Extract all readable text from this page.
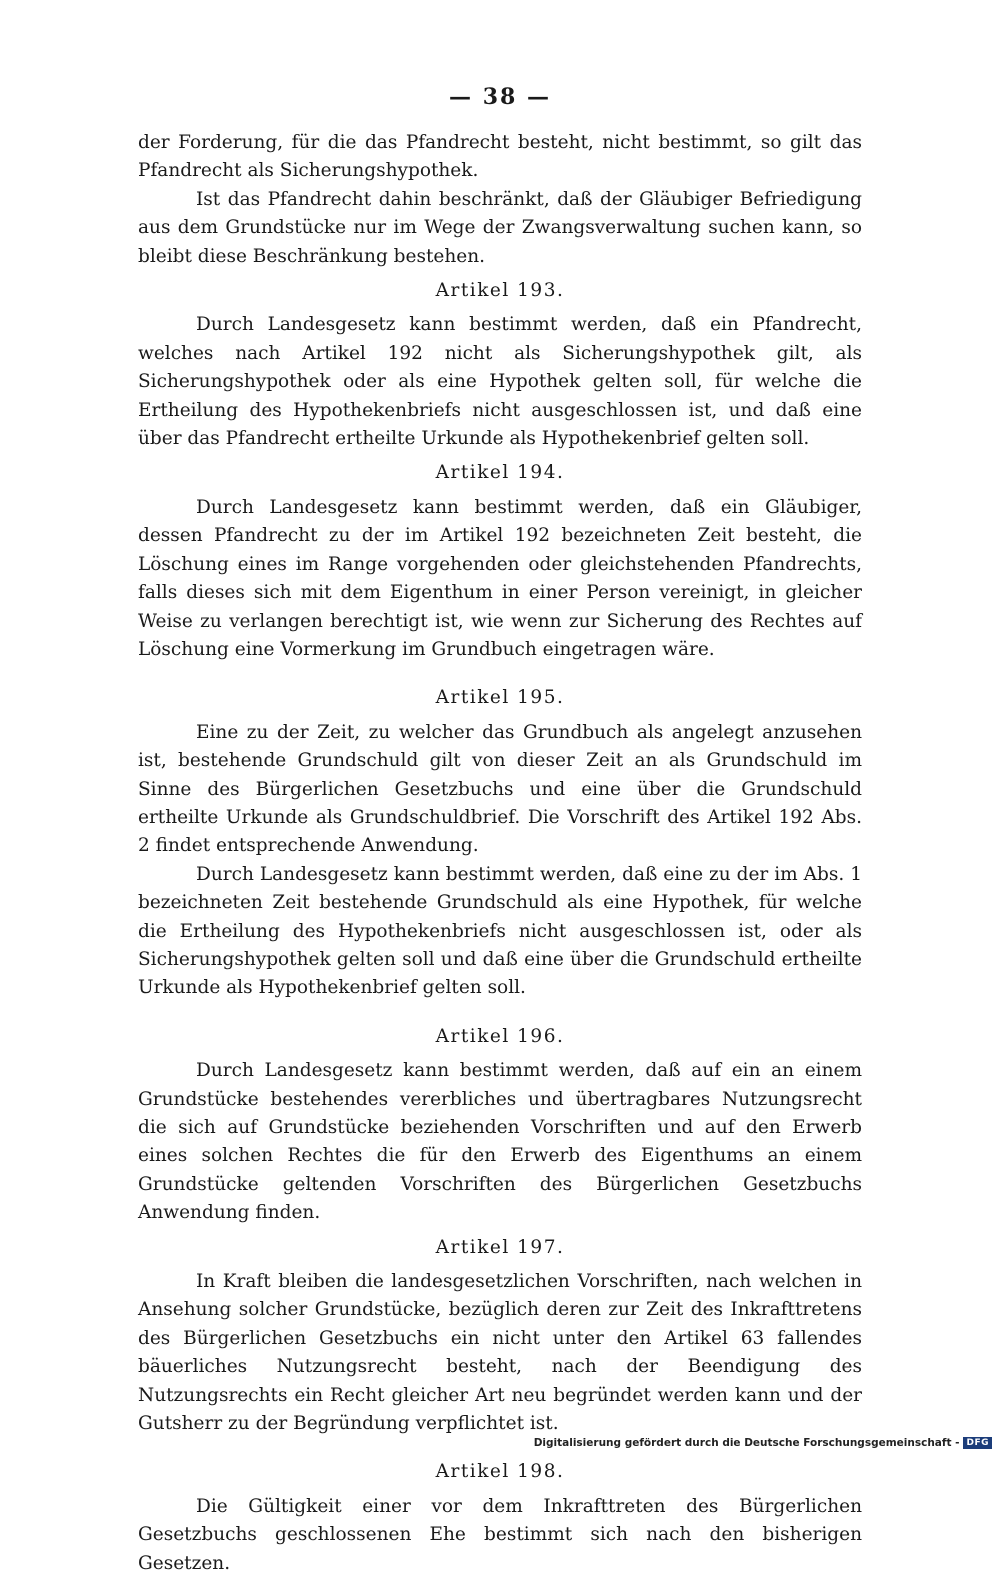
— 38 —

der Forderung, für die das Pfandrecht besteht, nicht bestimmt, so gilt das Pfandrecht als Sicherungshypothek.

Ist das Pfandrecht dahin beschränkt, daß der Gläubiger Befriedigung aus dem Grundstücke nur im Wege der Zwangsverwaltung suchen kann, so bleibt diese Beschränkung bestehen.

Artikel 193.

Durch Landesgesetz kann bestimmt werden, daß ein Pfandrecht, welches nach Artikel 192 nicht als Sicherungshypothek gilt, als Sicherungshypothek oder als eine Hypothek gelten soll, für welche die Ertheilung des Hypothekenbriefs nicht ausgeschlossen ist, und daß eine über das Pfandrecht ertheilte Urkunde als Hypothekenbrief gelten soll.

Artikel 194.

Durch Landesgesetz kann bestimmt werden, daß ein Gläubiger, dessen Pfandrecht zu der im Artikel 192 bezeichneten Zeit besteht, die Löschung eines im Range vorgehenden oder gleichstehenden Pfandrechts, falls dieses sich mit dem Eigenthum in einer Person vereinigt, in gleicher Weise zu verlangen berechtigt ist, wie wenn zur Sicherung des Rechtes auf Löschung eine Vormerkung im Grundbuch eingetragen wäre.

Artikel 195.

Eine zu der Zeit, zu welcher das Grundbuch als angelegt anzusehen ist, bestehende Grundschuld gilt von dieser Zeit an als Grundschuld im Sinne des Bürgerlichen Gesetzbuchs und eine über die Grundschuld ertheilte Urkunde als Grundschuldbrief. Die Vorschrift des Artikel 192 Abs. 2 findet entsprechende Anwendung.

Durch Landesgesetz kann bestimmt werden, daß eine zu der im Abs. 1 bezeichneten Zeit bestehende Grundschuld als eine Hypothek, für welche die Ertheilung des Hypothekenbriefs nicht ausgeschlossen ist, oder als Sicherungshypothek gelten soll und daß eine über die Grundschuld ertheilte Urkunde als Hypothekenbrief gelten soll.

Artikel 196.

Durch Landesgesetz kann bestimmt werden, daß auf ein an einem Grundstücke bestehendes vererbliches und übertragbares Nutzungsrecht die sich auf Grundstücke beziehenden Vorschriften und auf den Erwerb eines solchen Rechtes die für den Erwerb des Eigenthums an einem Grundstücke geltenden Vorschriften des Bürgerlichen Gesetzbuchs Anwendung finden.

Artikel 197.

In Kraft bleiben die landesgesetzlichen Vorschriften, nach welchen in Ansehung solcher Grundstücke, bezüglich deren zur Zeit des Inkrafttretens des Bürgerlichen Gesetzbuchs ein nicht unter den Artikel 63 fallendes bäuerliches Nutzungsrecht besteht, nach der Beendigung des Nutzungsrechts ein Recht gleicher Art neu begründet werden kann und der Gutsherr zu der Begründung verpflichtet ist.

Artikel 198.

Die Gültigkeit einer vor dem Inkrafttreten des Bürgerlichen Gesetzbuchs geschlossenen Ehe bestimmt sich nach den bisherigen Gesetzen.

Digitalisierung gefördert durch die Deutsche Forschungsgemeinschaft - DFG
